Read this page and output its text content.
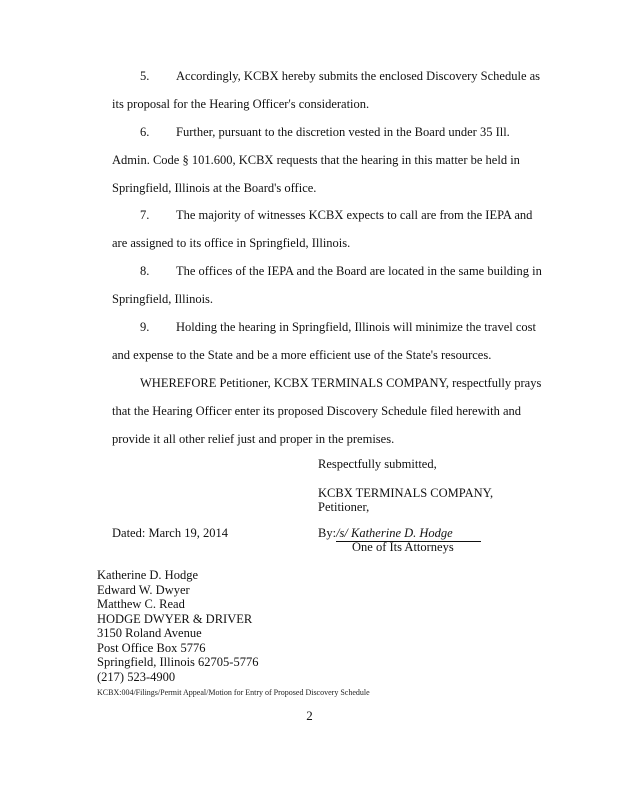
5. Accordingly, KCBX hereby submits the enclosed Discovery Schedule as
its proposal for the Hearing Officer's consideration.
6. Further, pursuant to the discretion vested in the Board under 35 Ill.
Admin. Code § 101.600, KCBX requests that the hearing in this matter be held in
Springfield, Illinois at the Board's office.
7. The majority of witnesses KCBX expects to call are from the IEPA and
are assigned to its office in Springfield, Illinois.
8. The offices of the IEPA and the Board are located in the same building in
Springfield, Illinois.
9. Holding the hearing in Springfield, Illinois will minimize the travel cost
and expense to the State and be a more efficient use of the State's resources.
WHEREFORE Petitioner, KCBX TERMINALS COMPANY, respectfully prays
that the Hearing Officer enter its proposed Discovery Schedule filed herewith and
provide it all other relief just and proper in the premises.
Respectfully submitted,
KCBX TERMINALS COMPANY,
Petitioner,
Dated: March 19, 2014	By:/s/ Katherine D. Hodge
One of Its Attorneys
Katherine D. Hodge
Edward W. Dwyer
Matthew C. Read
HODGE DWYER & DRIVER
3150 Roland Avenue
Post Office Box 5776
Springfield, Illinois 62705-5776
(217) 523-4900
KCBX:004/Filings/Permit Appeal/Motion for Entry of Proposed Discovery Schedule
2
